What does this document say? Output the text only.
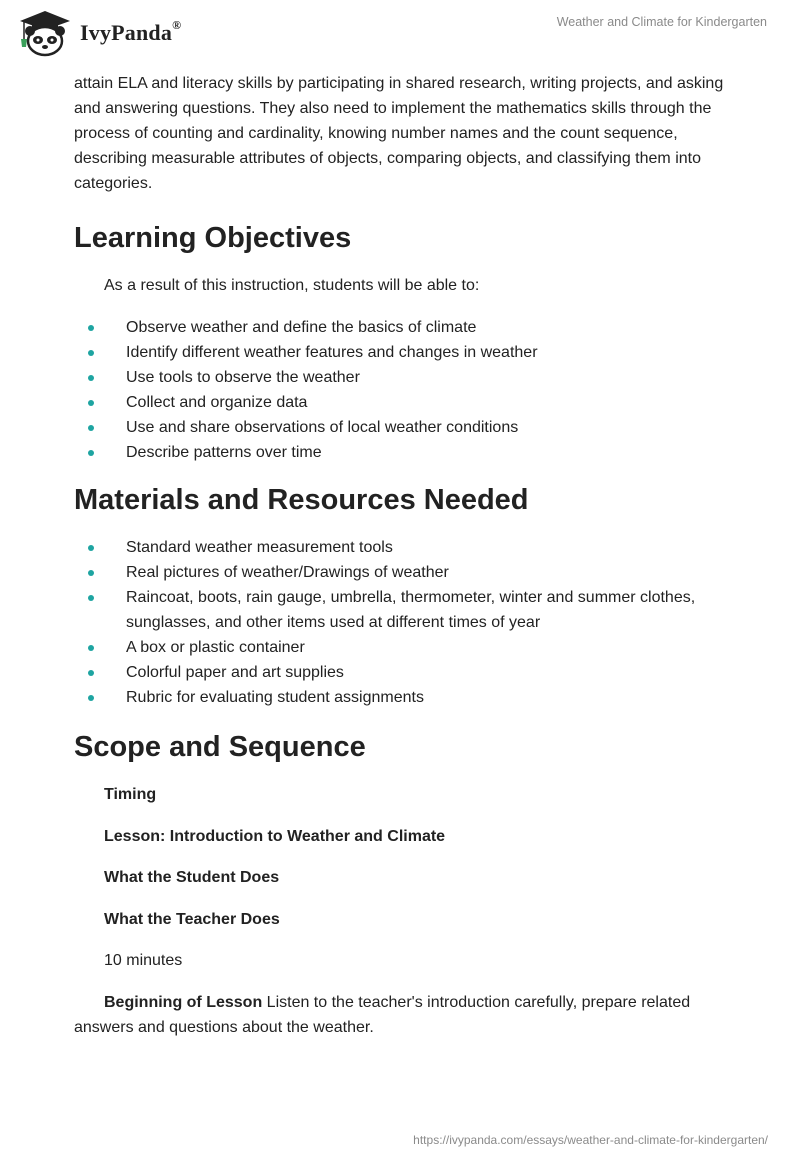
IvyPanda®	Weather and Climate for Kindergarten

attain ELA and literacy skills by participating in shared research, writing projects, and asking and answering questions. They also need to implement the mathematics skills through the process of counting and cardinality, knowing number names and the count sequence, describing measurable attributes of objects, comparing objects, and classifying them into categories.

Learning Objectives

As a result of this instruction, students will be able to:

Observe weather and define the basics of climate
Identify different weather features and changes in weather
Use tools to observe the weather
Collect and organize data
Use and share observations of local weather conditions
Describe patterns over time
Materials and Resources Needed
Standard weather measurement tools
Real pictures of weather/Drawings of weather
Raincoat, boots, rain gauge, umbrella, thermometer, winter and summer clothes, sunglasses, and other items used at different times of year
A box or plastic container
Colorful paper and art supplies
Rubric for evaluating student assignments
Scope and Sequence

Timing

Lesson: Introduction to Weather and Climate

What the Student Does

What the Teacher Does

10 minutes

Beginning of Lesson Listen to the teacher's introduction carefully, prepare related answers and questions about the weather.

https://ivypanda.com/essays/weather-and-climate-for-kindergarten/
